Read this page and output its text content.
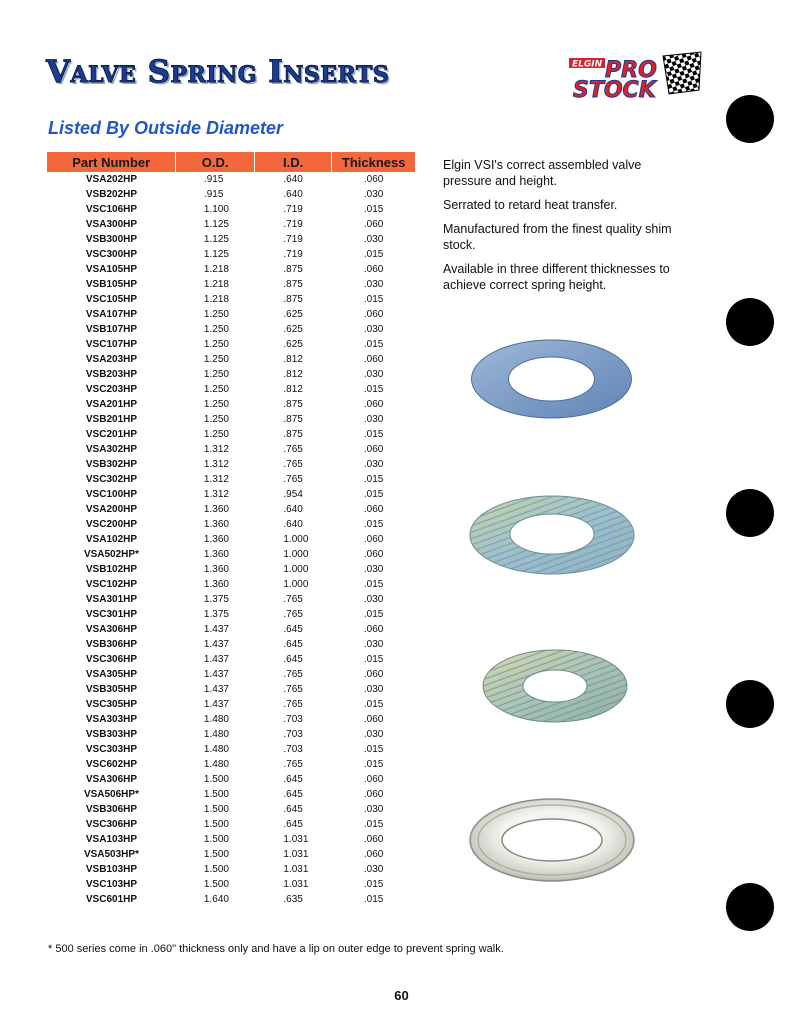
Valve Spring Inserts	ELGIN PRO
STOCK
Listed By Outside Diameter
Part Number	O.D.	I.D.	Thickness
VSA202HP	.915	.640	.060
VSB202HP	.915	.640	.030
VSC106HP	1.100	.719	.015
VSA300HP	1.125	.719	.060
VSB300HP	1.125	.719	.030
VSC300HP	1.125	.719	.015
VSA105HP	1.218	.875	.060
VSB105HP	1.218	.875	.030
VSC105HP	1.218	.875	.015
VSA107HP	1.250	.625	.060
VSB107HP	1.250	.625	.030
VSC107HP	1.250	.625	.015
VSA203HP	1.250	.812	.060
VSB203HP	1.250	.812	.030
VSC203HP	1.250	.812	.015
VSA201HP	1.250	.875	.060
VSB201HP	1.250	.875	.030
VSC201HP	1.250	.875	.015
VSA302HP	1.312	.765	.060
VSB302HP	1.312	.765	.030
VSC302HP	1.312	.765	.015
VSC100HP	1.312	.954	.015
VSA200HP	1.360	.640	.060
VSC200HP	1.360	.640	.015
VSA102HP	1.360	1.000	.060
VSA502HP*	1.360	1.000	.060
VSB102HP	1.360	1.000	.030
VSC102HP	1.360	1.000	.015
VSA301HP	1.375	.765	.030
VSC301HP	1.375	.765	.015
VSA306HP	1.437	.645	.060
VSB306HP	1.437	.645	.030
VSC306HP	1.437	.645	.015
VSA305HP	1.437	.765	.060
VSB305HP	1.437	.765	.030
VSC305HP	1.437	.765	.015
VSA303HP	1.480	.703	.060
VSB303HP	1.480	.703	.030
VSC303HP	1.480	.703	.015
VSC602HP	1.480	.765	.015
VSA306HP	1.500	.645	.060
VSA506HP*	1.500	.645	.060
VSB306HP	1.500	.645	.030
VSC306HP	1.500	.645	.015
VSA103HP	1.500	1.031	.060
VSA503HP*	1.500	1.031	.060
VSB103HP	1.500	1.031	.030
VSC103HP	1.500	1.031	.015
VSC601HP	1.640	.635	.015

Elgin VSI's correct assembled valve pressure and height.

Serrated to retard heat transfer.

Manufactured from the finest quality shim stock.

Available in three different thicknesses to achieve correct spring height.

* 500 series come in .060" thickness only and have a lip on outer edge to prevent spring walk.

60
